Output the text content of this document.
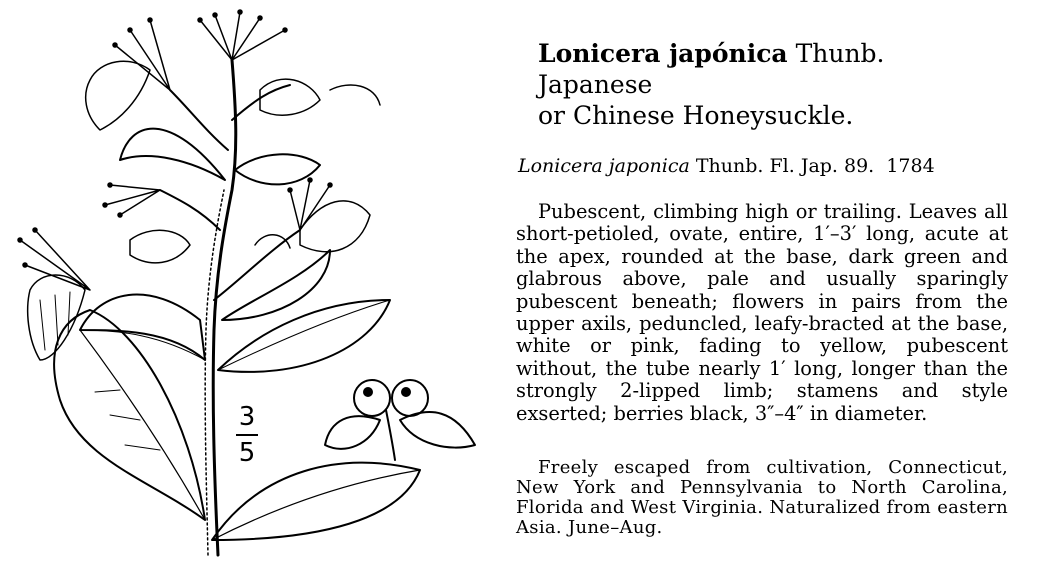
3
5

Lonicera japónica Thunb.  Japanese
or Chinese Honeysuckle.

Lonicera japonica Thunb. Fl. Jap. 89. 1784

Pubescent, climbing high or trailing. Leaves all short-petioled, ovate, entire, 1′–3′ long, acute at the apex, rounded at the base, dark green and glabrous above, pale and usually sparingly pubescent beneath; flowers in pairs from the upper axils, peduncled, leafy-bracted at the base, white or pink, fading to yellow, pubescent without, the tube nearly 1′ long, longer than the strongly 2-lipped limb; stamens and style exserted; berries black, 3″–4″ in diameter.

Freely escaped from cultivation, Connecticut, New York and Pennsylvania to North Carolina, Florida and West Virginia. Naturalized from eastern Asia. June–Aug.
